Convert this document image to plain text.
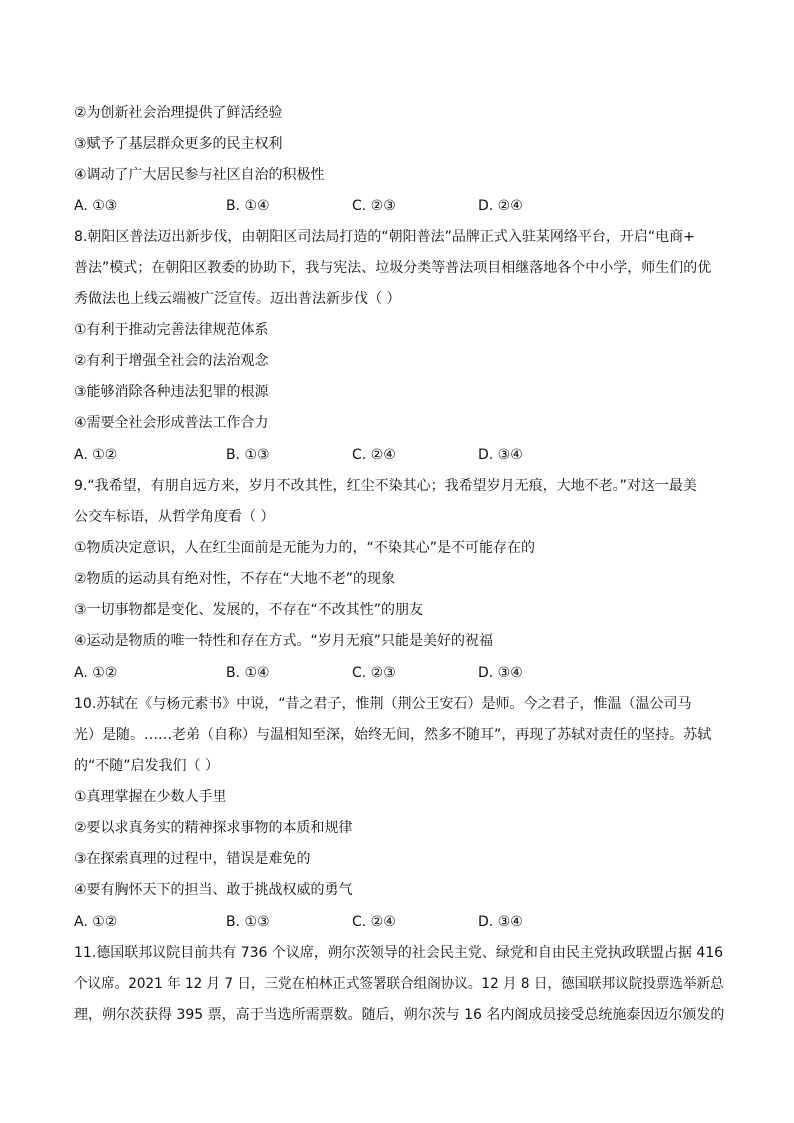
②为创新社会治理提供了鲜活经验
③赋予了基层群众更多的民主权利
④调动了广大居民参与社区自治的积极性
A. ①③	B. ①④	C. ②③	D. ②④
8.朝阳区普法迈出新步伐，由朝阳区司法局打造的“朝阳普法”品牌正式入驻某网络平台，开启“电商+
普法”模式；在朝阳区教委的协助下，我与宪法、垃圾分类等普法项目相继落地各个中小学，师生们的优
秀做法也上线云端被广泛宣传。迈出普法新步伐（ ）
①有利于推动完善法律规范体系
②有利于增强全社会的法治观念
③能够消除各种违法犯罪的根源
④需要全社会形成普法工作合力
A. ①②	B. ①③	C. ②④	D. ③④
9.“我希望，有朋自远方来，岁月不改其性，红尘不染其心；我希望岁月无痕，大地不老。”对这一最美
公交车标语，从哲学角度看（ ）
①物质决定意识，人在红尘面前是无能为力的，“不染其心”是不可能存在的
②物质的运动具有绝对性，不存在“大地不老”的现象
③一切事物都是变化、发展的，不存在“不改其性”的朋友
④运动是物质的唯一特性和存在方式。“岁月无痕”只能是美好的祝福
A. ①②	B. ①④	C. ②③	D. ③④
10.苏轼在《与杨元素书》中说，“昔之君子，惟荆（荆公王安石）是师。今之君子，惟温（温公司马
光）是随。……老弟（自称）与温相知至深，始终无间，然多不随耳”，再现了苏轼对责任的坚持。苏轼
的“不随”启发我们（ ）
①真理掌握在少数人手里
②要以求真务实的精神探求事物的本质和规律
③在探索真理的过程中，错误是难免的
④要有胸怀天下的担当、敢于挑战权威的勇气
A. ①②	B. ①③	C. ②④	D. ③④
11.德国联邦议院目前共有 736 个议席，朔尔茨领导的社会民主党、绿党和自由民主党执政联盟占据 416
个议席。2021 年 12 月 7 日，三党在柏林正式签署联合组阁协议。12 月 8 日，德国联邦议院投票选举新总
理，朔尔茨获得 395 票，高于当选所需票数。随后，朔尔茨与 16 名内阁成员接受总统施泰因迈尔颁发的
